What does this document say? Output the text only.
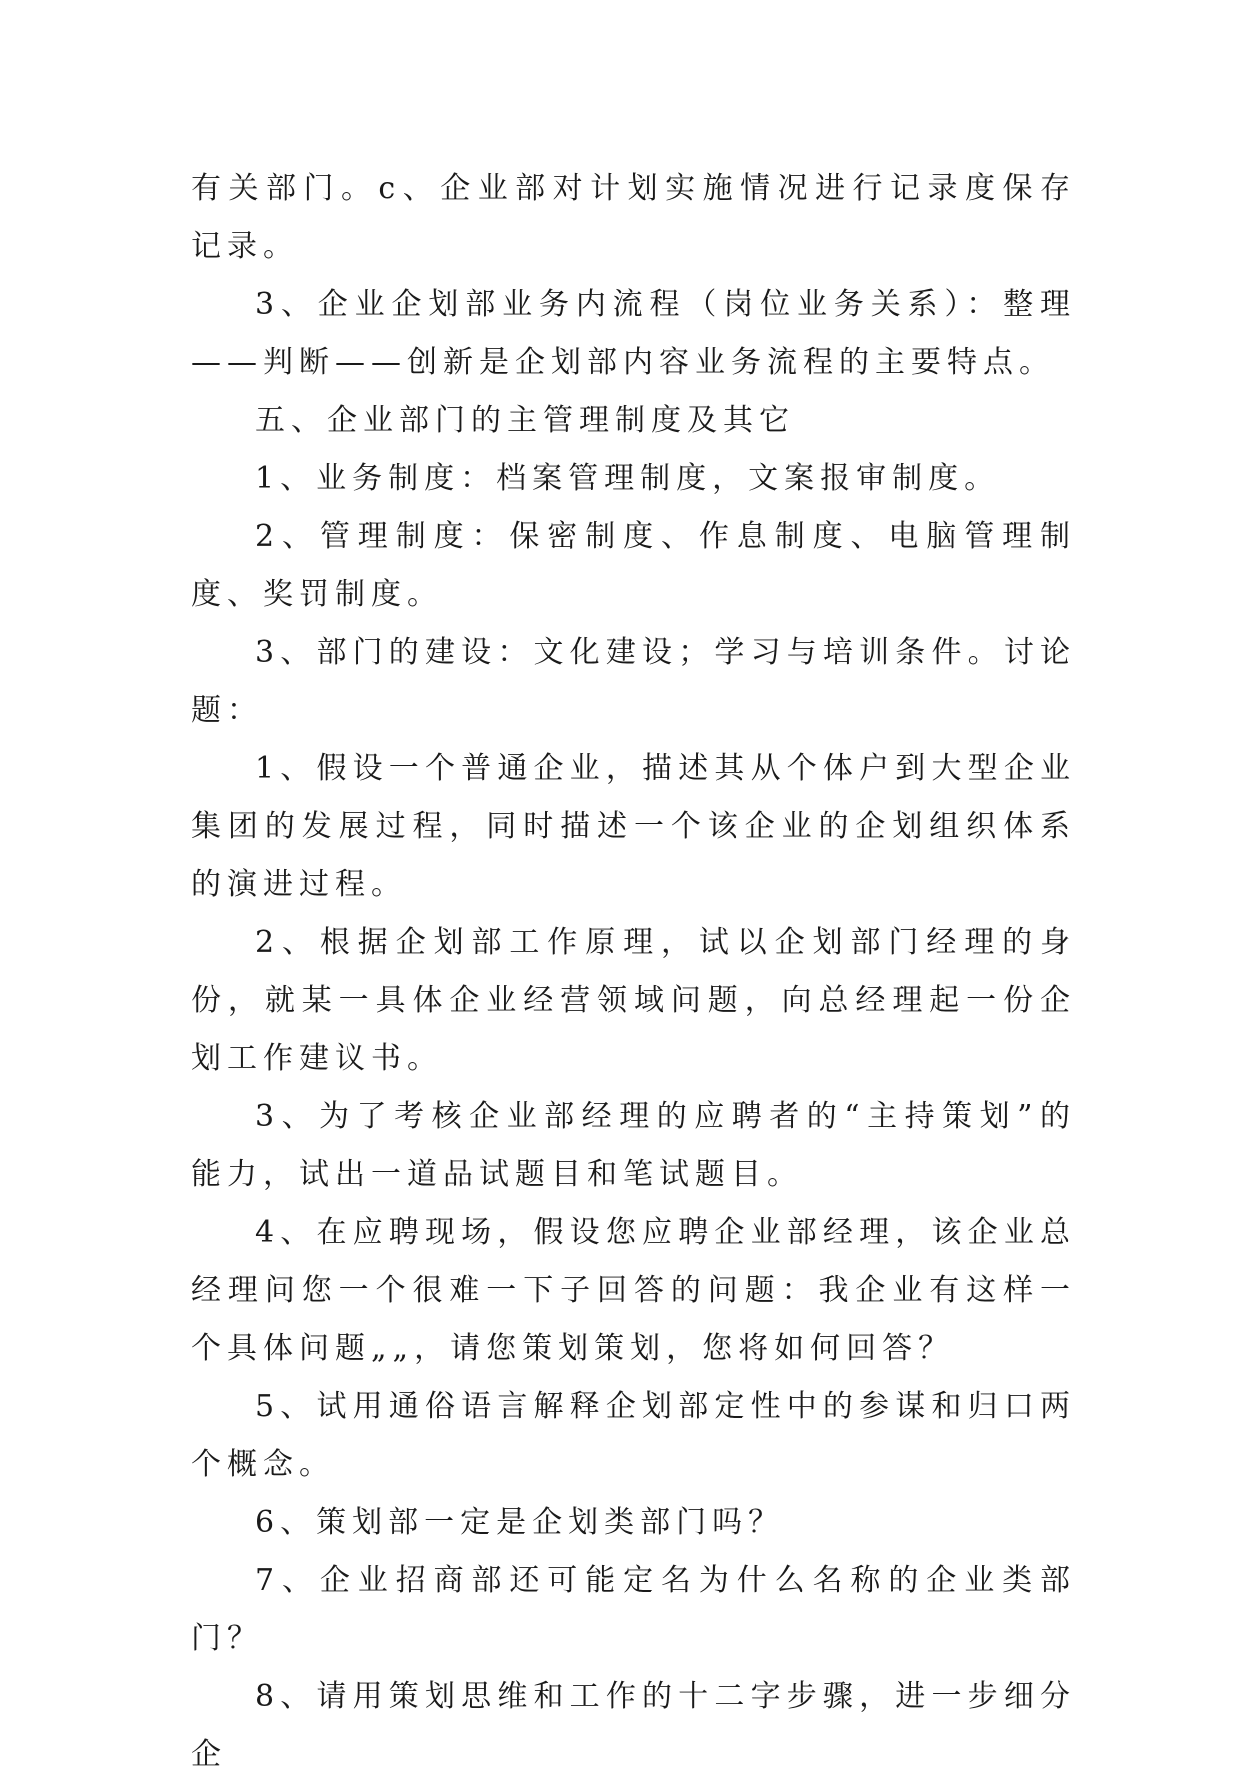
有关部门。c、企业部对计划实施情况进行记录度保存记录。

3、企业企划部业务内流程（岗位业务关系）：整理——判断——创新是企划部内容业务流程的主要特点。

五、企业部门的主管理制度及其它

1、业务制度：档案管理制度，文案报审制度。

2、管理制度：保密制度、作息制度、电脑管理制度、奖罚制度。

3、部门的建设：文化建设；学习与培训条件。讨论题：

1、假设一个普通企业，描述其从个体户到大型企业集团的发展过程，同时描述一个该企业的企划组织体系的演进过程。

2、根据企划部工作原理，试以企划部门经理的身份，就某一具体企业经营领域问题，向总经理起一份企划工作建议书。

3、为了考核企业部经理的应聘者的“主持策划”的能力，试出一道品试题目和笔试题目。

4、在应聘现场，假设您应聘企业部经理，该企业总经理问您一个很难一下子回答的问题：我企业有这样一个具体问题„„，请您策划策划，您将如何回答？

5、试用通俗语言解释企划部定性中的参谋和归口两个概念。

6、策划部一定是企划类部门吗？

7、企业招商部还可能定名为什么名称的企业类部门？

8、请用策划思维和工作的十二字步骤，进一步细分企
